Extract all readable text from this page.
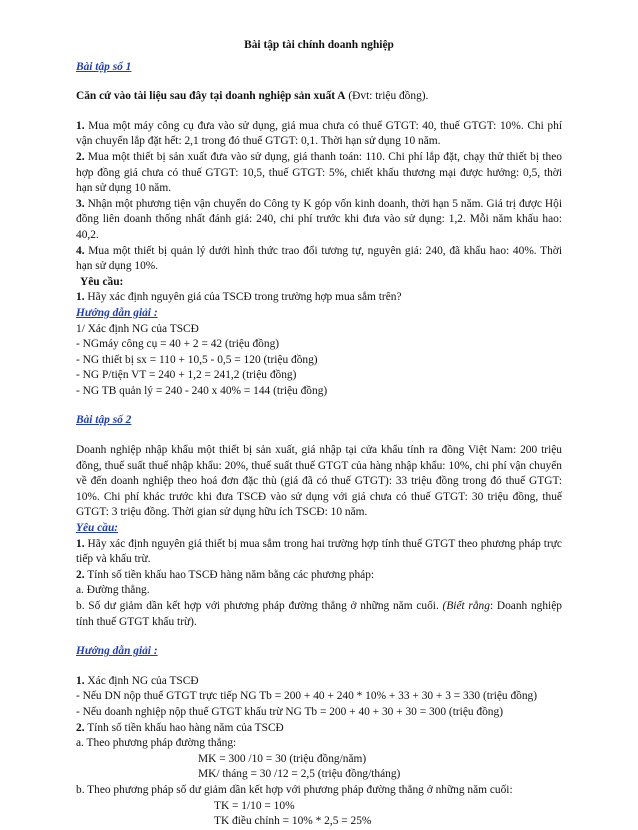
Bài tập tài chính doanh nghiệp

Bài tập số 1

Căn cứ vào tài liệu sau đây tại doanh nghiệp sản xuất A (Đvt: triệu đồng).

1. Mua một máy công cụ đưa vào sử dụng, giá mua chưa có thuế GTGT: 40, thuế GTGT: 10%. Chi phí vận chuyển lắp đặt hết: 2,1 trong đó thuế GTGT: 0,1. Thời hạn sử dụng 10 năm.

2. Mua một thiết bị sản xuất đưa vào sử dụng, giá thanh toán: 110. Chi phí lắp đặt, chạy thử thiết bị theo hợp đồng giá chưa có thuế GTGT: 10,5, thuế GTGT: 5%, chiết khấu thương mại được hưởng: 0,5, thời hạn sử dụng 10 năm.

3. Nhận một phương tiện vận chuyển do Công ty K góp vốn kinh doanh, thời hạn 5 năm. Giá trị được Hội đồng liên doanh thống nhất đánh giá: 240, chi phí trước khi đưa vào sử dụng: 1,2. Mỗi năm khấu hao: 40,2.

4. Mua một thiết bị quản lý dưới hình thức trao đổi tương tự, nguyên giá: 240, đã khấu hao: 40%. Thời hạn sử dụng 10%.

Yêu cầu:

1. Hãy xác định nguyên giá của TSCĐ trong trường hợp mua sắm trên?

Hướng dẫn giải :

1/ Xác định NG của TSCĐ

- NGmáy công cụ = 40 + 2 = 42 (triệu đồng)

- NG thiết bị sx = 110 + 10,5 - 0,5 = 120 (triệu đồng)

- NG P/tiện VT = 240 + 1,2 = 241,2 (triệu đồng)

- NG TB quản lý = 240 - 240 x 40% = 144 (triệu đồng)

Bài tập số 2

Doanh nghiệp nhập khẩu một thiết bị sản xuất, giá nhập tại cửa khẩu tính ra đồng Việt Nam: 200 triệu đồng, thuế suất thuế nhập khẩu: 20%, thuế suất thuế GTGT của hàng nhập khẩu: 10%, chi phí vận chuyển về đến doanh nghiệp theo hoá đơn đặc thù (giá đã có thuế GTGT): 33 triệu đồng trong đó thuế GTGT: 10%. Chi phí khác trước khi đưa TSCĐ vào sử dụng với giá chưa có thuế GTGT: 30 triệu đồng, thuế GTGT: 3 triệu đồng. Thời gian sử dụng hữu ích TSCĐ: 10 năm.

Yêu cầu:

1. Hãy xác định nguyên giá thiết bị mua sắm trong hai trường hợp tính thuế GTGT theo phương pháp trực tiếp và khấu trừ.

2. Tính số tiền khấu hao TSCĐ hàng năm bằng các phương pháp:

a. Đường thẳng.

b. Số dư giảm dần kết hợp với phương pháp đường thẳng ở những năm cuối. (Biết rằng: Doanh nghiệp tính thuế GTGT khấu trừ).

Hướng dẫn giải :

1. Xác định NG của TSCĐ

- Nếu DN nộp thuế GTGT trực tiếp NG Tb = 200 + 40 + 240 * 10% + 33 + 30 + 3 = 330 (triệu đồng)

- Nếu doanh nghiệp nộp thuế GTGT khấu trừ NG Tb = 200 + 40 + 30 + 30 = 300 (triệu đồng)

2. Tính số tiền khấu hao hàng năm của TSCĐ

a. Theo phương pháp đường thẳng:

MK = 300 /10 = 30 (triệu đồng/năm)

MK/ tháng = 30 /12 = 2,5 (triệu đồng/tháng)

b. Theo phương pháp số dư giảm dần kết hợp với phương pháp đường thẳng ở những năm cuối:

TK = 1/10 = 10%

TK điều chỉnh = 10% * 2,5 = 25%
